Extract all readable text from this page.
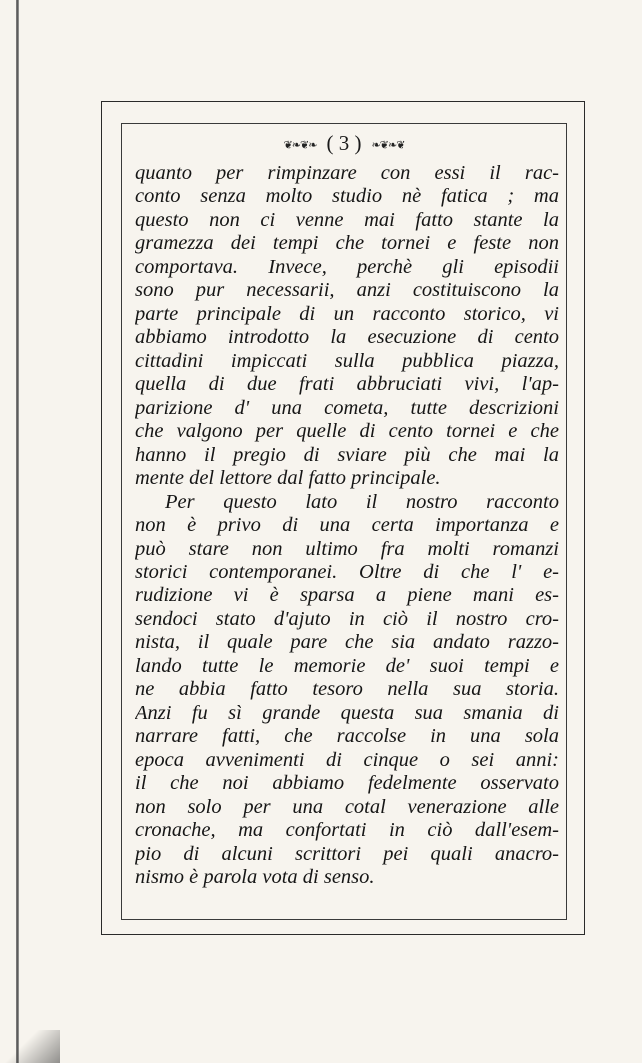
❦❧❦❧ ( 3 ) ❧❦❧❦
quanto per rimpinzare con essi il rac-
conto senza molto studio nè fatica ; ma
questo non ci venne mai fatto stante la
gramezza dei tempi che tornei e feste non
comportava. Invece, perchè gli episodii
sono pur necessarii, anzi costituiscono la
parte principale di un racconto storico, vi
abbiamo introdotto la esecuzione di cento
cittadini impiccati sulla pubblica piazza,
quella di due frati abbruciati vivi, l'ap-
parizione d' una cometa, tutte descrizioni
che valgono per quelle di cento tornei e che
hanno il pregio di sviare più che mai la
mente del lettore dal fatto principale.
Per questo lato il nostro racconto
non è privo di una certa importanza e
può stare non ultimo fra molti romanzi
storici contemporanei. Oltre di che l' e-
rudizione vi è sparsa a piene mani es-
sendoci stato d'ajuto in ciò il nostro cro-
nista, il quale pare che sia andato razzo-
lando tutte le memorie de' suoi tempi e
ne abbia fatto tesoro nella sua storia.
Anzi fu sì grande questa sua smania di
narrare fatti, che raccolse in una sola
epoca avvenimenti di cinque o sei anni:
il che noi abbiamo fedelmente osservato
non solo per una cotal venerazione alle
cronache, ma confortati in ciò dall'esem-
pio di alcuni scrittori pei quali anacro-
nismo è parola vota di senso.
